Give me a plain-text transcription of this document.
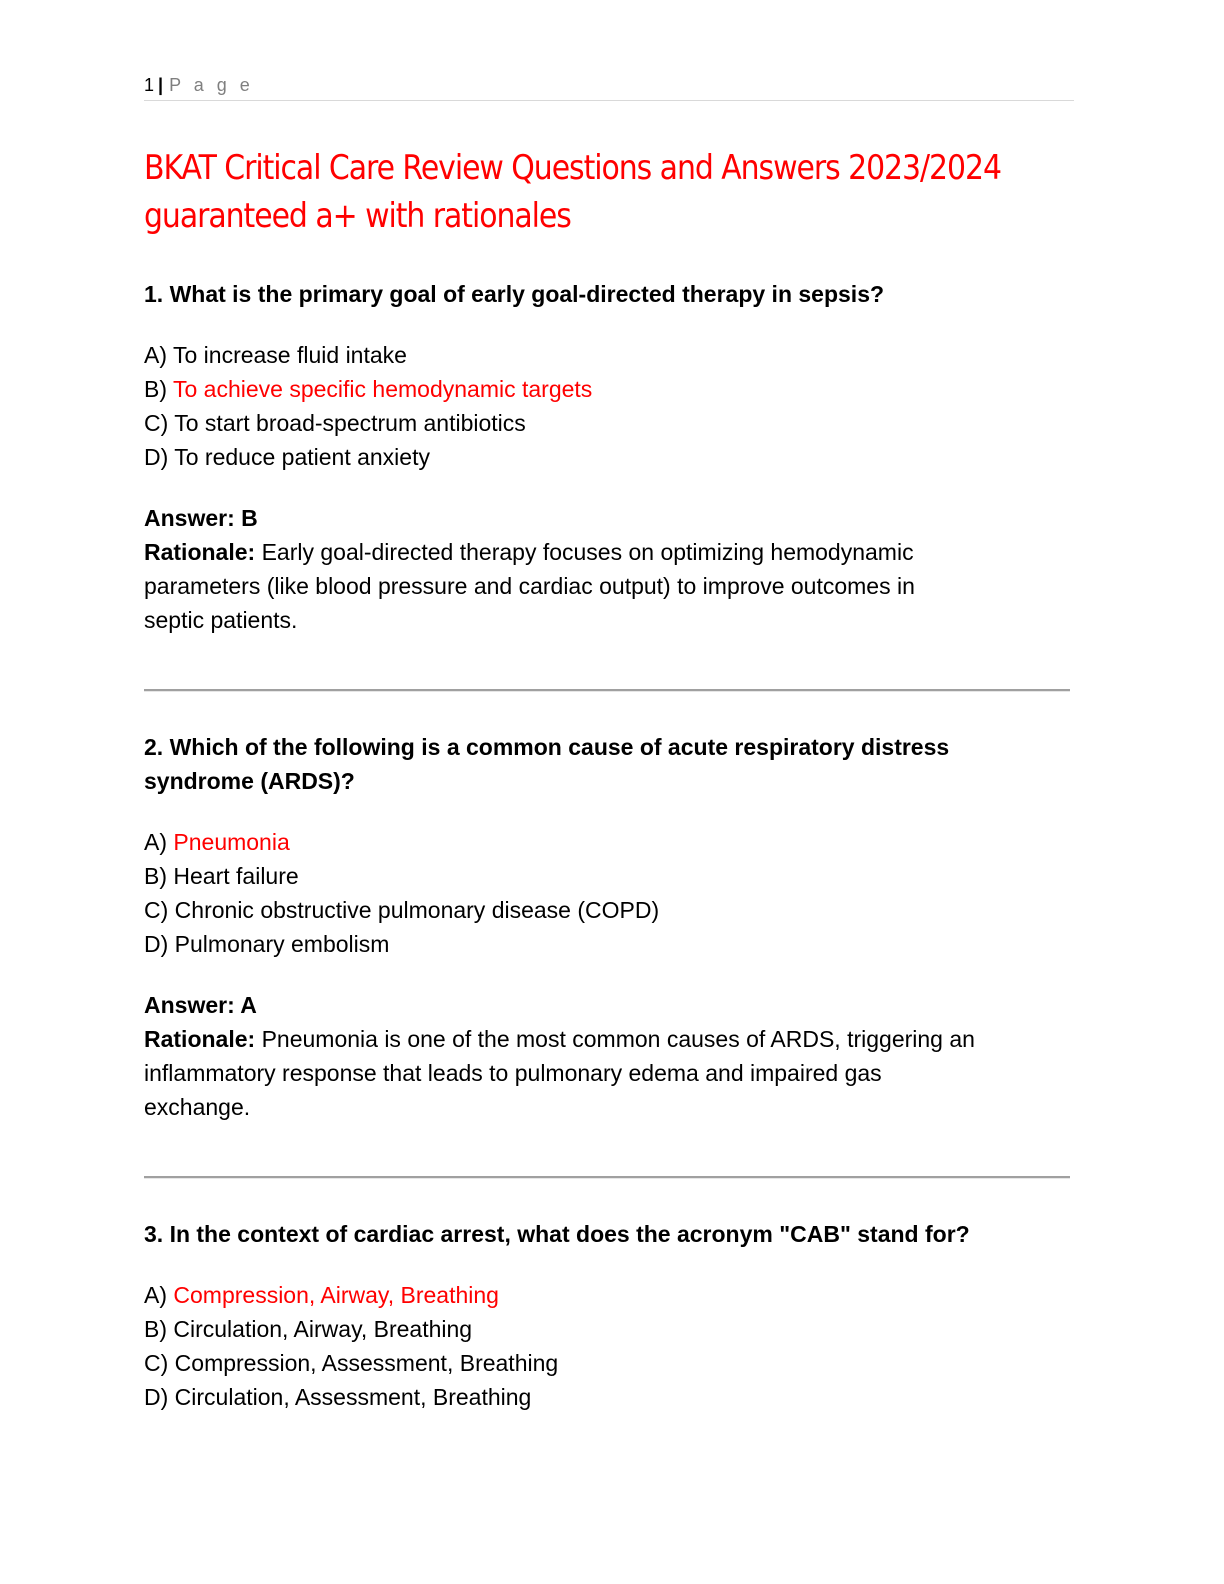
1 | P a g e
BKAT Critical Care Review Questions and Answers 2023/2024
guaranteed a+ with rationales
1. What is the primary goal of early goal-directed therapy in sepsis?
A) To increase fluid intake
B) To achieve specific hemodynamic targets
C) To start broad-spectrum antibiotics
D) To reduce patient anxiety
Answer: B
Rationale: Early goal-directed therapy focuses on optimizing hemodynamic
parameters (like blood pressure and cardiac output) to improve outcomes in
septic patients.
2. Which of the following is a common cause of acute respiratory distress
syndrome (ARDS)?
A) Pneumonia
B) Heart failure
C) Chronic obstructive pulmonary disease (COPD)
D) Pulmonary embolism
Answer: A
Rationale: Pneumonia is one of the most common causes of ARDS, triggering an
inflammatory response that leads to pulmonary edema and impaired gas
exchange.
3. In the context of cardiac arrest, what does the acronym "CAB" stand for?
A) Compression, Airway, Breathing
B) Circulation, Airway, Breathing
C) Compression, Assessment, Breathing
D) Circulation, Assessment, Breathing
